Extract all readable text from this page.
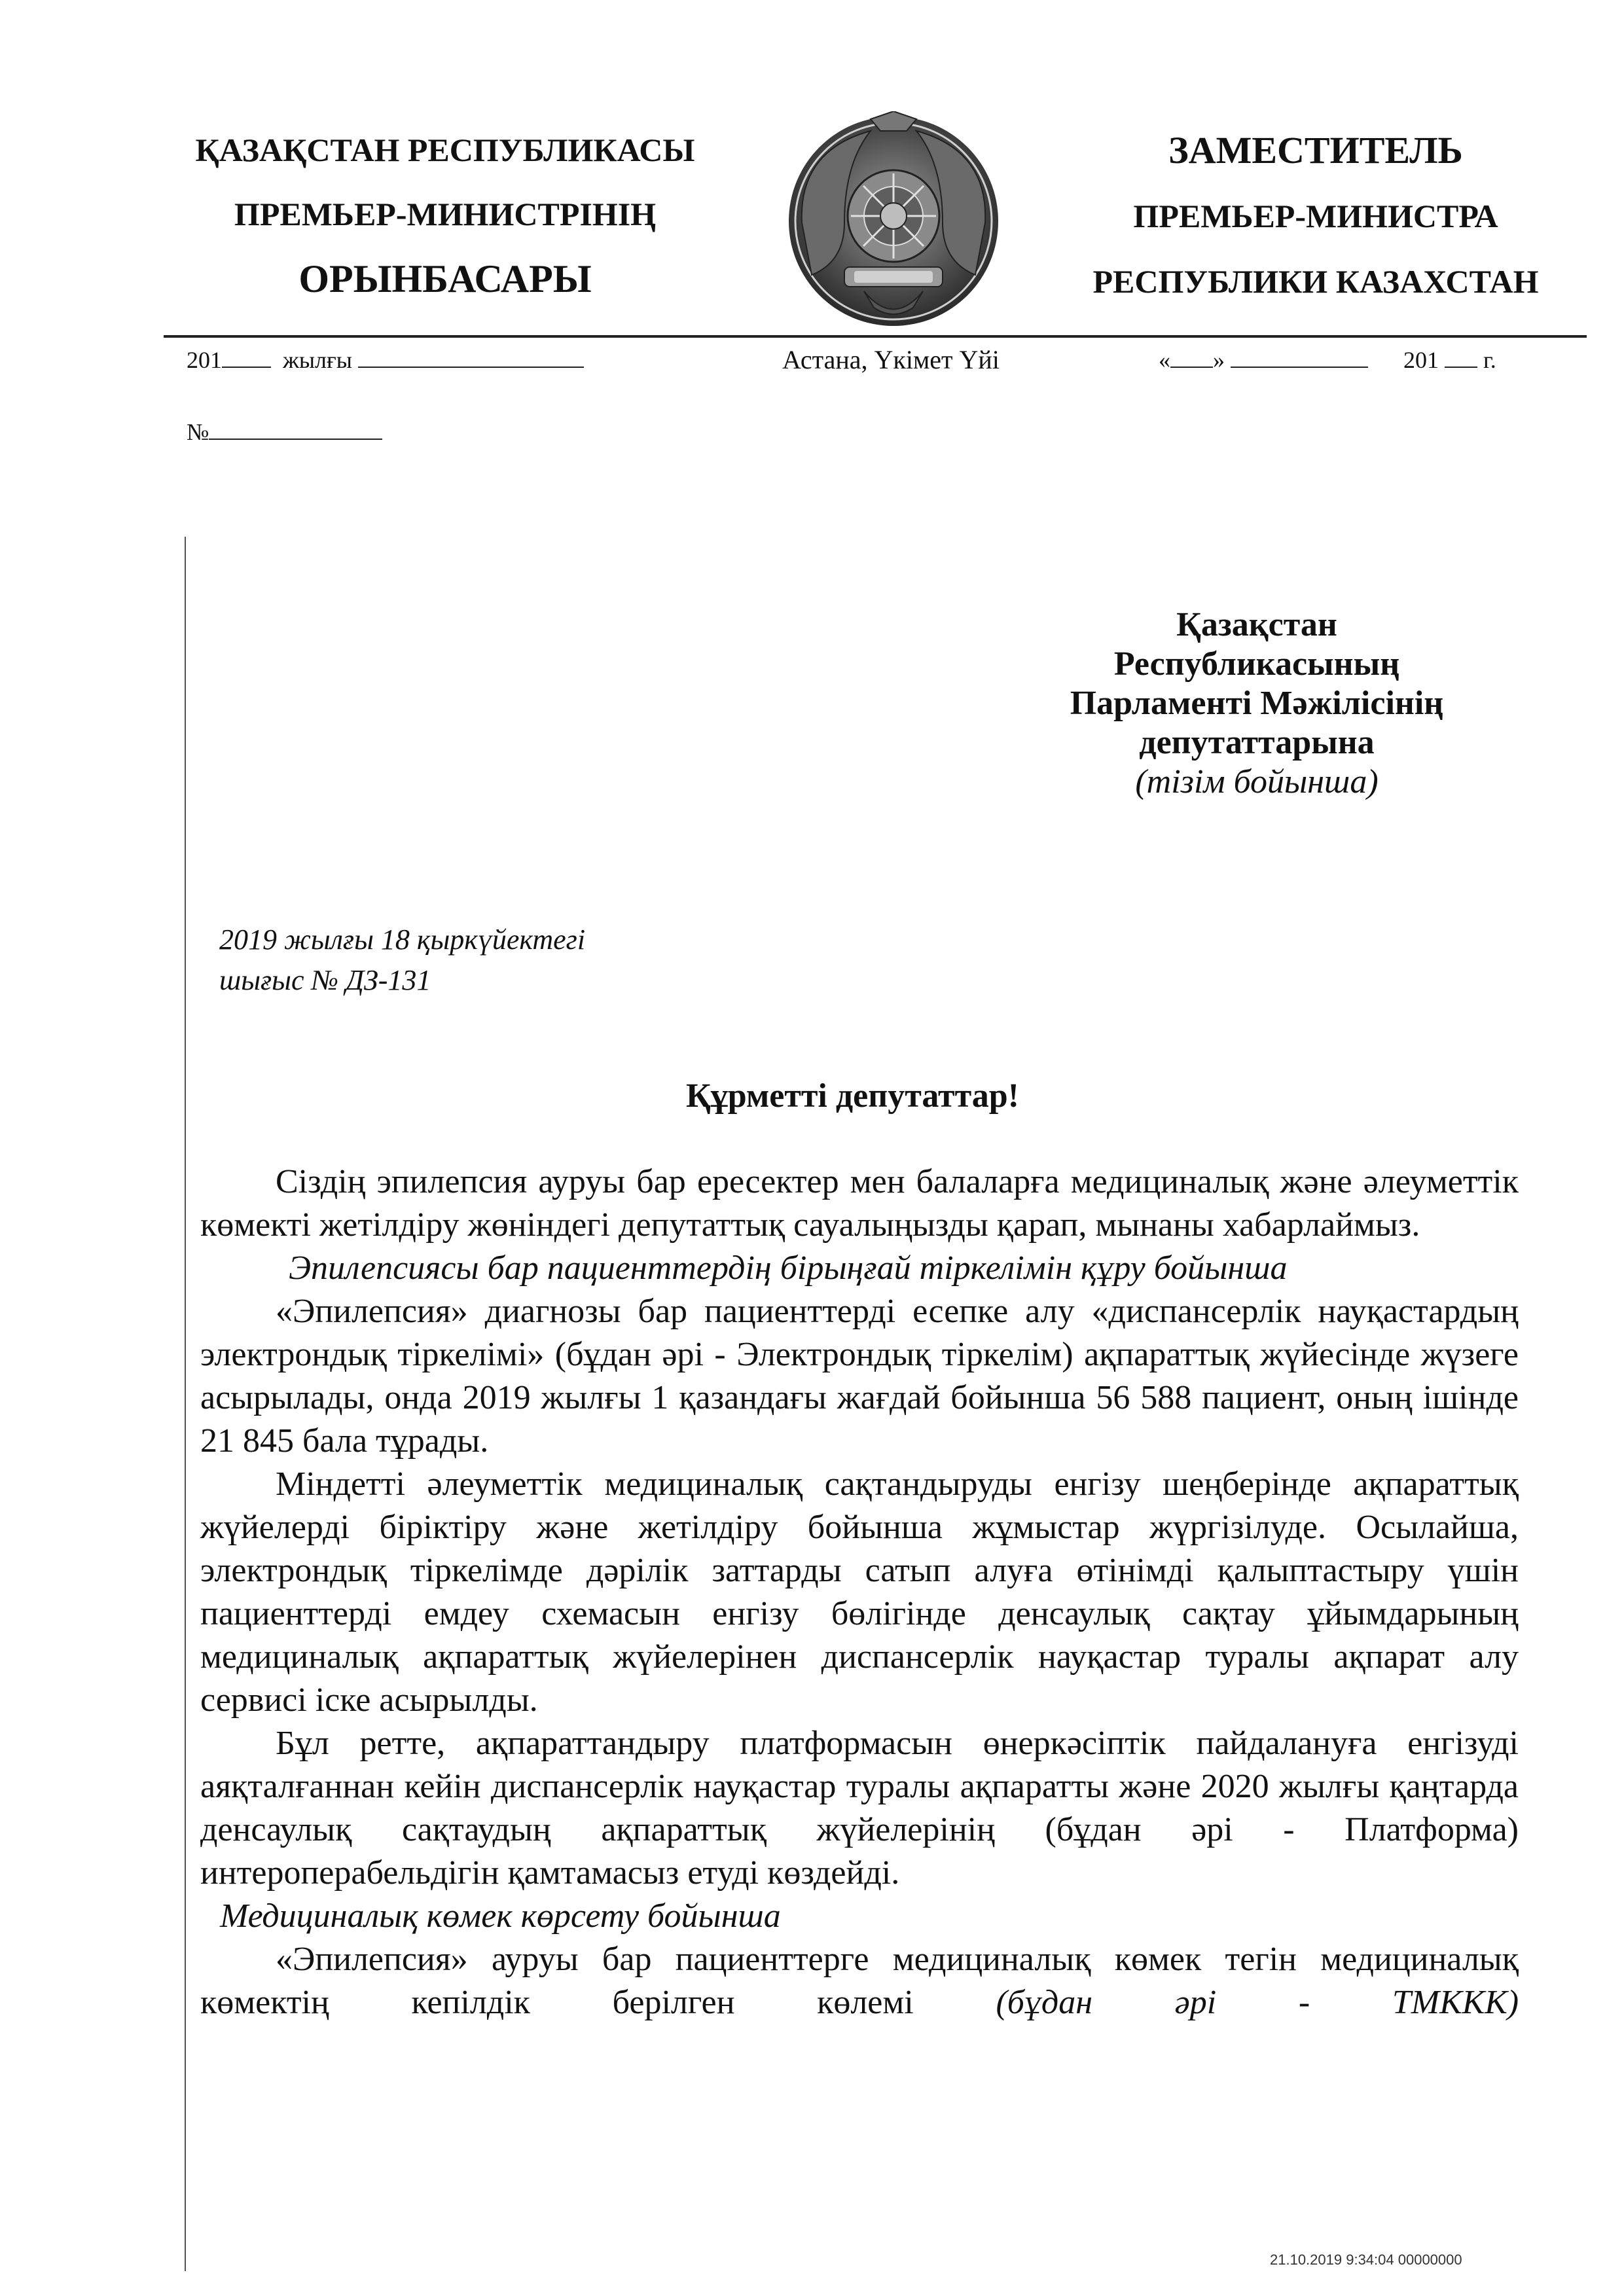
ҚАЗАҚСТАН РЕСПУБЛИКАСЫ
ПРЕМЬЕР-МИНИСТРІНІҢ
ОРЫНБАСАРЫ
ЗАМЕСТИТЕЛЬ
ПРЕМЬЕР-МИНИСТРА
РЕСПУБЛИКИ КАЗАХСТАН
201	жылғы	Астана, Үкімет Үйі	« »	201 г.
№
Қазақстан
Республикасының
Парламенті Мәжілісінің
депутаттарына
(тізім бойынша)
2019 жылғы 18 қыркүйектегі
шығыс № ДЗ-131
Құрметті депутаттар!

Сіздің эпилепсия ауруы бар ересектер мен балаларға медициналық және әлеуметтік көмекті жетілдіру жөніндегі депутаттық сауалыңызды қарап, мынаны хабарлаймыз.

Эпилепсиясы бар пациенттердің бірыңғай тіркелімін құру бойынша

«Эпилепсия» диагнозы бар пациенттерді есепке алу «диспансерлік науқастардың электрондық тіркелімі» (бұдан әрі - Электрондық тіркелім) ақпараттық жүйесінде жүзеге асырылады, онда 2019 жылғы 1 қазандағы жағдай бойынша 56 588 пациент, оның ішінде 21 845 бала тұрады.

Міндетті әлеуметтік медициналық сақтандыруды енгізу шеңберінде ақпараттық жүйелерді біріктіру және жетілдіру бойынша жұмыстар жүргізілуде. Осылайша, электрондық тіркелімде дәрілік заттарды сатып алуға өтінімді қалыптастыру үшін пациенттерді емдеу схемасын енгізу бөлігінде денсаулық сақтау ұйымдарының медициналық ақпараттық жүйелерінен диспансерлік науқастар туралы ақпарат алу сервисі іске асырылды.

Бұл ретте, ақпараттандыру платформасын өнеркәсіптік пайдалануға енгізуді аяқталғаннан кейін диспансерлік науқастар туралы ақпаратты және 2020 жылғы қаңтарда денсаулық сақтаудың ақпараттық жүйелерінің (бұдан әрі - Платформа) интероперабельдігін қамтамасыз етуді көздейді.

Медициналық көмек көрсету бойынша

«Эпилепсия» ауруы бар пациенттерге медициналық көмек тегін медициналық көмектің кепілдік берілген көлемі (бұдан әрі - ТМККК)

21.10.2019 9:34:04 00000000
